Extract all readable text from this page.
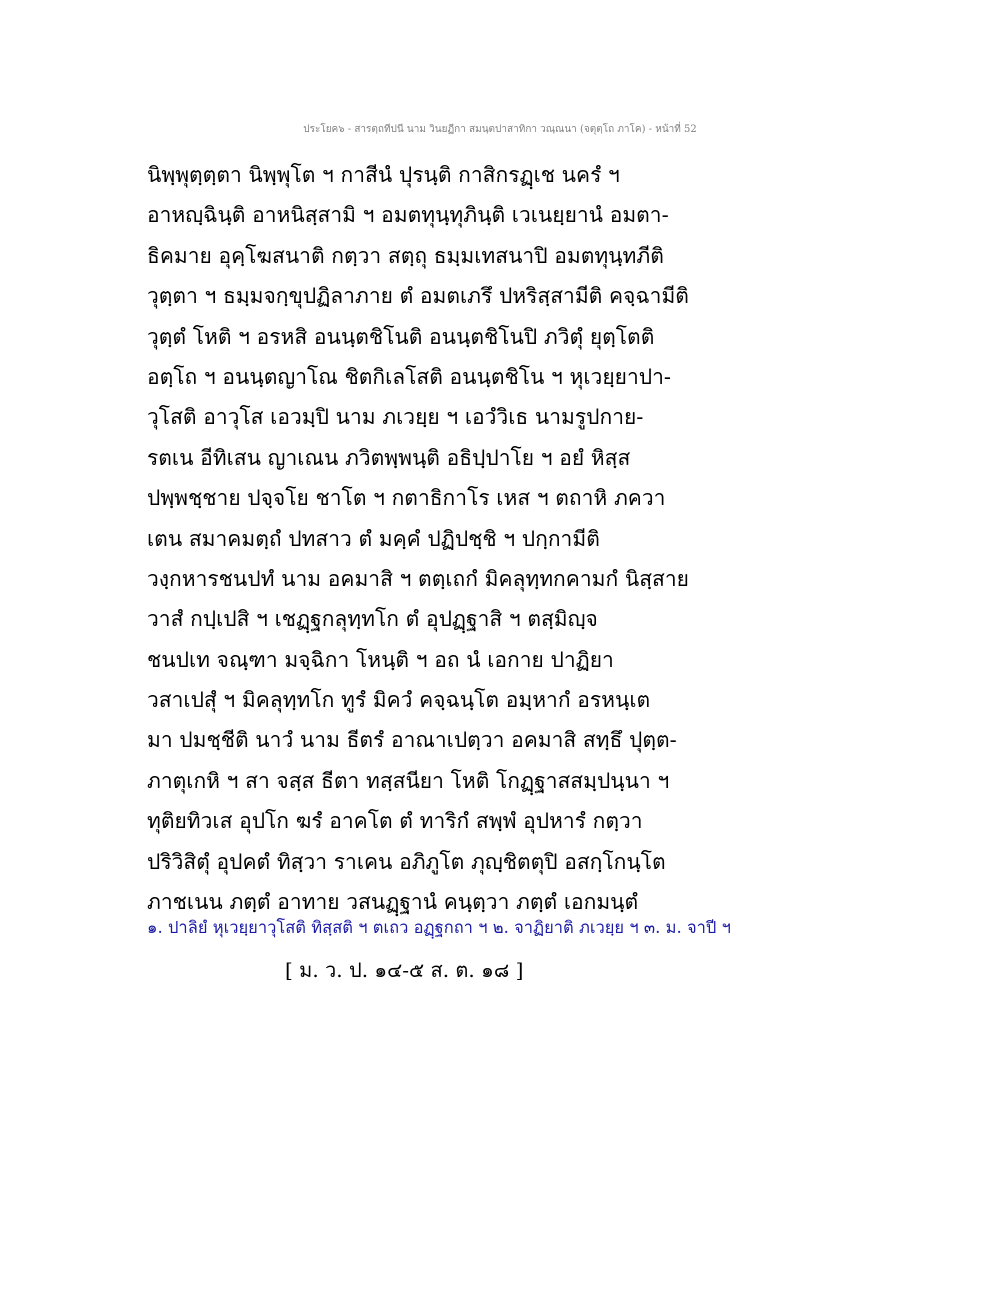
ประโยค๖ - สารตฺถทีปนี นาม วินยฏีกา สมนฺตปาสาทิกา วณฺณนา (จตุตฺโถ ภาโค) - หน้าที่ 52
นิพฺพุตฺตฺตา นิพฺพุโต ฯ กาสีนํ ปุรนฺติ กาสิกรฏฺเช นครํ ฯ
อาหญฺฉินฺติ อาหนิสฺสามิ ฯ อมตทุนฺทุภินฺติ เวเนยฺยานํ อมตา-
ธิคมาย อุคฺโฆสนาติ กตฺวา สตฺถุ ธมฺมเทสนาปิ อมตทุนฺทภีติ
วุตฺตา ฯ ธมฺมจกฺขุปฏิลาภาย ตํ อมตเภรึ ปหริสฺสามีติ คจฺฉามีติ
วุตฺตํ โหติ ฯ อรหสิ อนนฺตชิโนติ อนนฺตชิโนปิ ภวิตุํ ยุตฺโตติ
อตฺโถ ฯ อนนฺตญาโณ ชิตกิเลโสติ อนนฺตชิโน ฯ หุเวยฺยาปา-
วุโสติ อาวุโส เอวมฺปิ นาม ภเวยฺย ฯ เอวํวิเธ นามรูปกาย-
รตเน อีทิเสน ญาเณน ภวิตพฺพนฺติ อธิปฺปาโย ฯ อยํ หิสฺส
ปพฺพชฺชาย ปจฺจโย ชาโต ฯ กตาธิกาโร เหส ฯ ตถาหิ ภควา
เตน สมาคมตฺถํ ปทสาว ตํ มคฺคํ ปฏิปชฺชิ ฯ ปกฺกามีติ
วงฺกหารชนปทํ นาม อคมาสิ ฯ ตตฺเถกํ มิคลุทฺทกคามกํ นิสฺสาย
วาสํ กปฺเปสิ ฯ เชฏฺฐกลุทฺทโก ตํ อุปฏฺฐาสิ ฯ ตสฺมิญฺจ
ชนปเท จณฺฑา มจฺฉิกา โหนฺติ ฯ อถ นํ เอกาย ปาฏิยา
วสาเปสุํ ฯ มิคลุทฺทโก ทูรํ มิควํ คจฺฉนฺโต อมฺหากํ อรหนฺเต
มา ปมชฺชีติ นาวํ นาม ธีตรํ อาณาเปตฺวา อคมาสิ สทฺธึ ปุตฺต-
ภาตุเกหิ ฯ สา จสฺส ธีตา ทสฺสนียา โหติ โกฏฺฐาสสมฺปนฺนา ฯ
ทุติยทิวเส อุปโก ฆรํ อาคโต ตํ ทาริกํ สพฺพํ อุปหารํ กตฺวา
ปริวิสิตุํ อุปคตํ ทิสฺวา ราเคน อภิภูโต ภุญฺชิตตุปิ อสกฺโกนฺโต
ภาชเนน ภตฺตํ อาทาย วสนฏฺฐานํ คนฺตฺวา ภตฺตํ เอกมนฺตํ
๑. ปาลิยํ หุเวยฺยาวุโสติ ทิสฺสติ ฯ ตเถว อฏฺฐกถา ฯ ๒. จาฏิยาติ ภเวยฺย ฯ ๓. ม. จาปี ฯ
[ ม. ว. ป. ๑๔-๕ ส. ต. ๑๘ ]
